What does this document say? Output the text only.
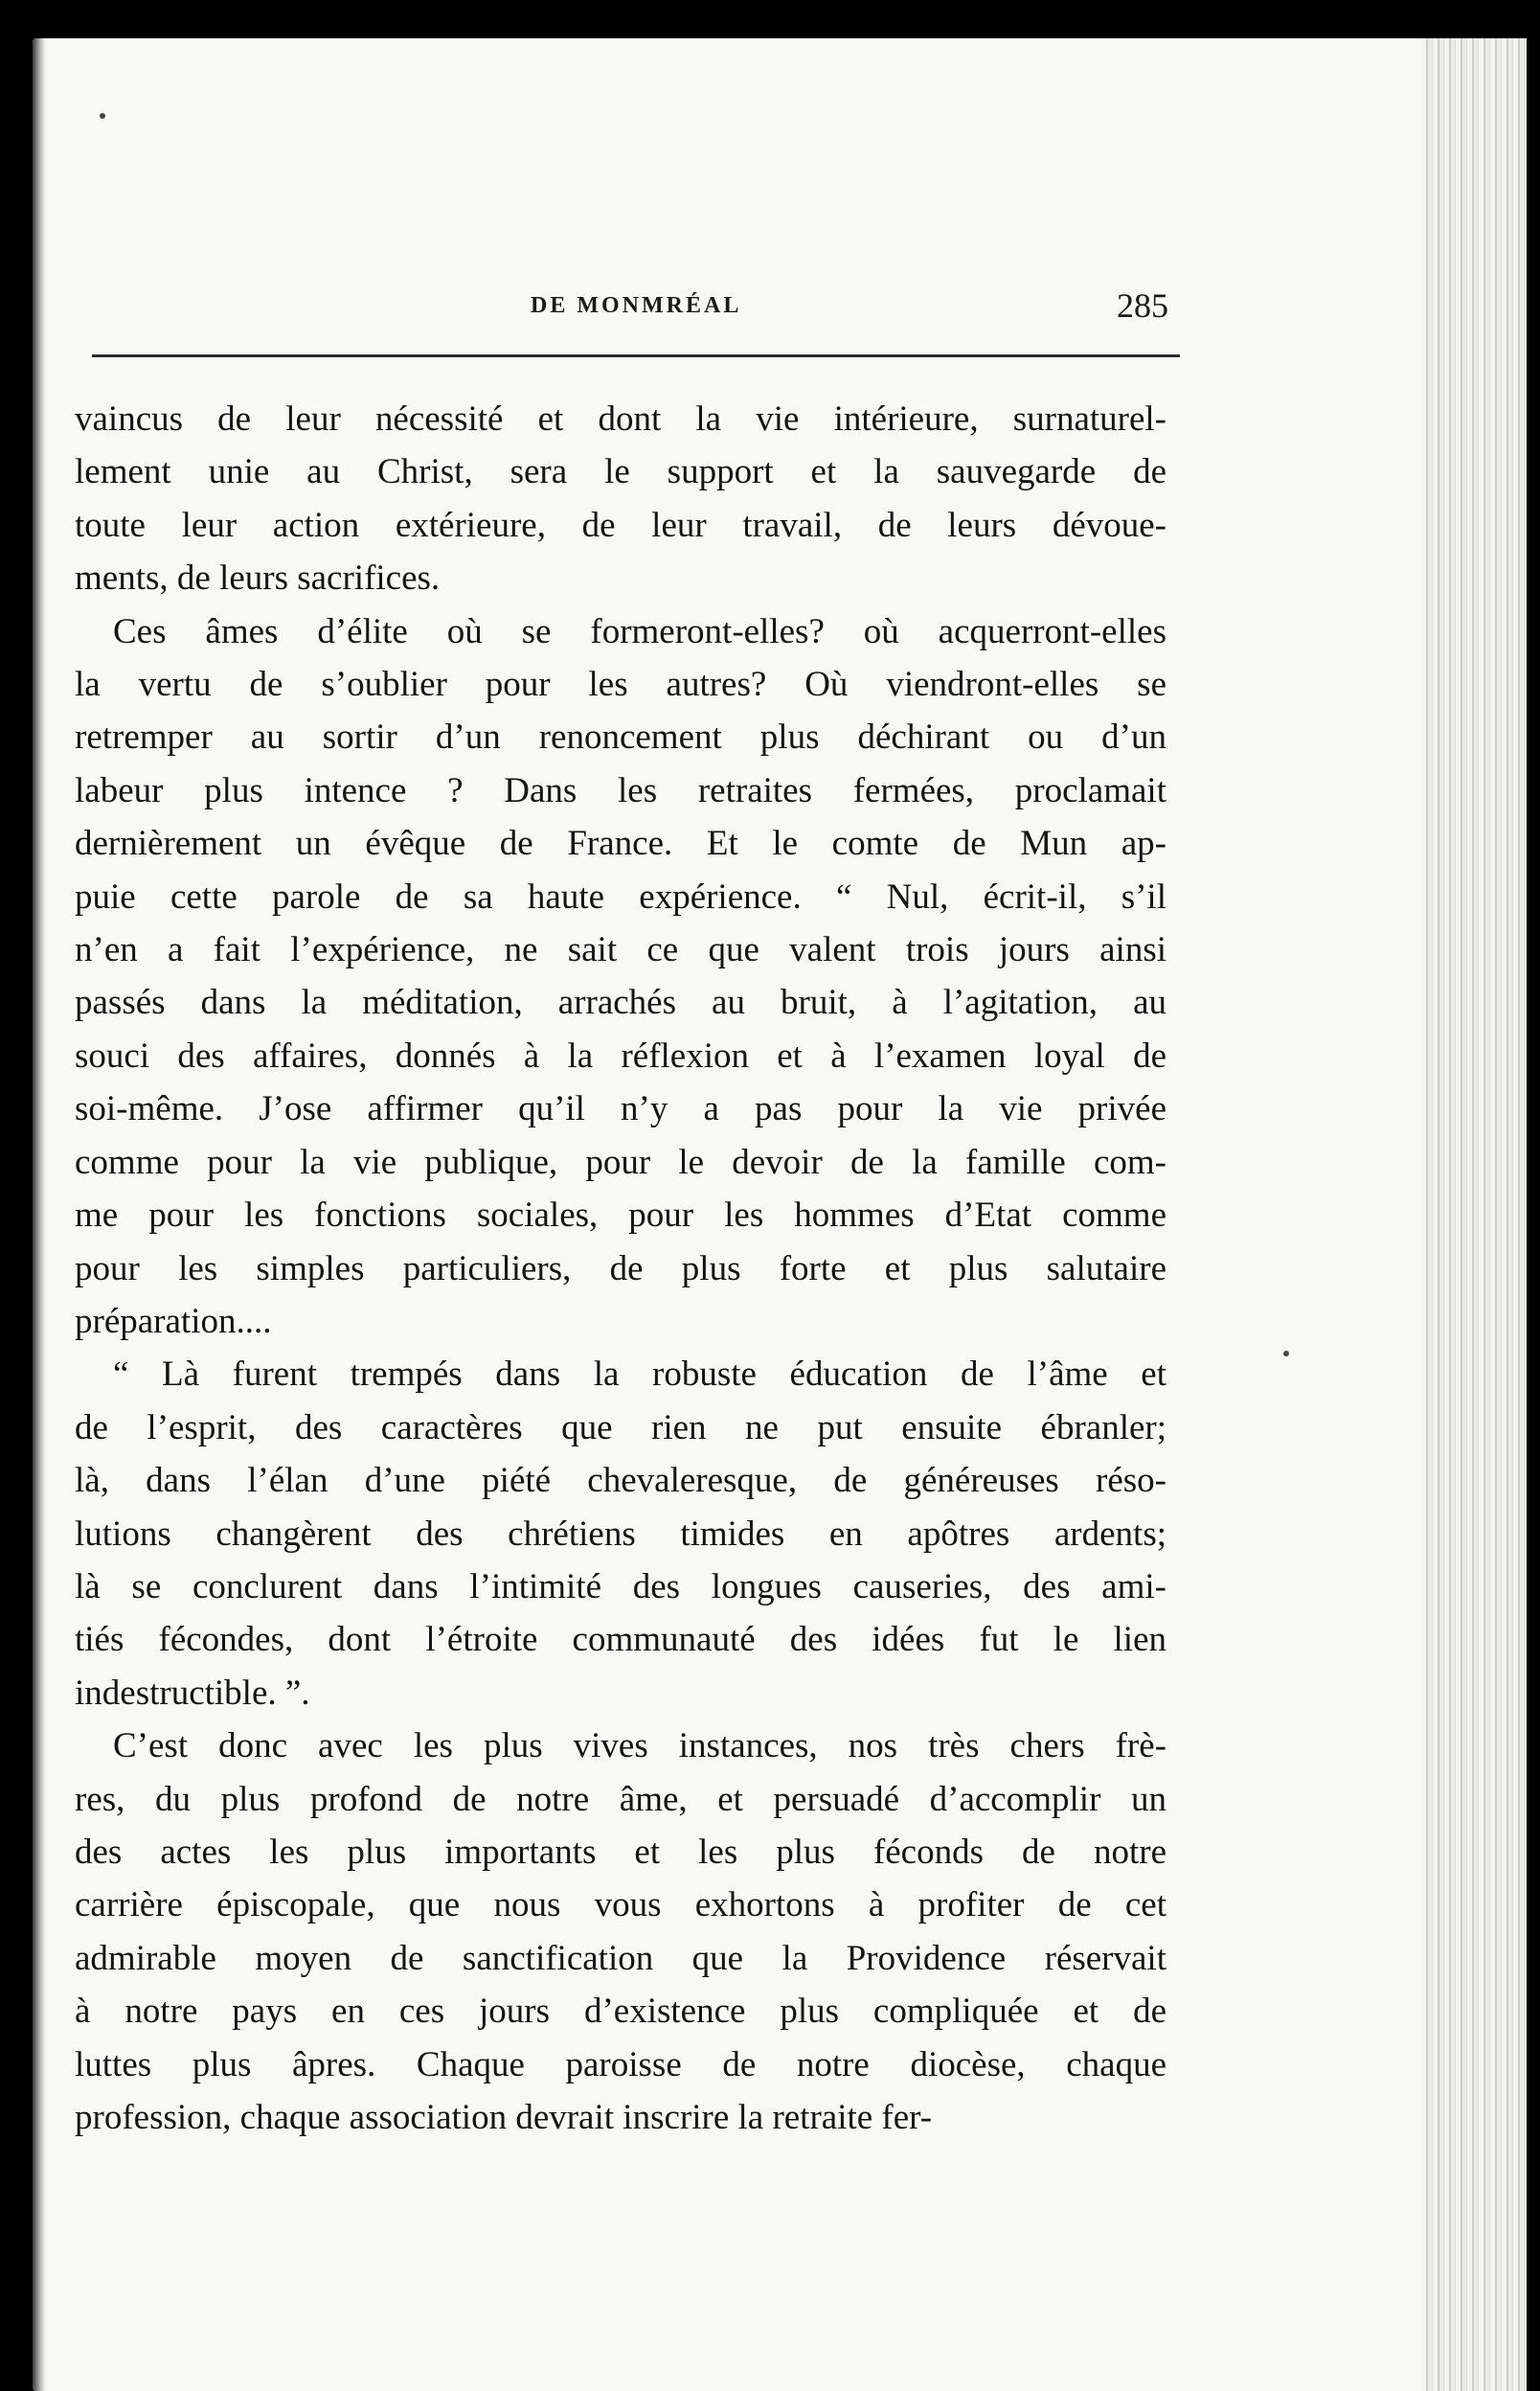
DE MONMRÉAL	285

vaincus de leur nécessité et dont la vie intérieure, surnaturel-
lement unie au Christ, sera le support et la sauvegarde de
toute leur action extérieure, de leur travail, de leurs dévoue-
ments, de leurs sacrifices.

Ces âmes d’élite où se formeront-elles? où acquerront-elles
la vertu de s’oublier pour les autres? Où viendront-elles se
retremper au sortir d’un renoncement plus déchirant ou d’un
labeur plus intence ? Dans les retraites fermées, proclamait
dernièrement un évêque de France. Et le comte de Mun ap-
puie cette parole de sa haute expérience. “ Nul, écrit-il, s’il
n’en a fait l’expérience, ne sait ce que valent trois jours ainsi
passés dans la méditation, arrachés au bruit, à l’agitation, au
souci des affaires, donnés à la réflexion et à l’examen loyal de
soi-même. J’ose affirmer qu’il n’y a pas pour la vie privée
comme pour la vie publique, pour le devoir de la famille com-
me pour les fonctions sociales, pour les hommes d’Etat comme
pour les simples particuliers, de plus forte et plus salutaire
préparation....

“ Là furent trempés dans la robuste éducation de l’âme et
de l’esprit, des caractères que rien ne put ensuite ébranler;
là, dans l’élan d’une piété chevaleresque, de généreuses réso-
lutions changèrent des chrétiens timides en apôtres ardents;
là se conclurent dans l’intimité des longues causeries, des ami-
tiés fécondes, dont l’étroite communauté des idées fut le lien
indestructible. ”.

C’est donc avec les plus vives instances, nos très chers frè-
res, du plus profond de notre âme, et persuadé d’accomplir un
des actes les plus importants et les plus féconds de notre
carrière épiscopale, que nous vous exhortons à profiter de cet
admirable moyen de sanctification que la Providence réservait
à notre pays en ces jours d’existence plus compliquée et de
luttes plus âpres. Chaque paroisse de notre diocèse, chaque
profession, chaque association devrait inscrire la retraite fer-
